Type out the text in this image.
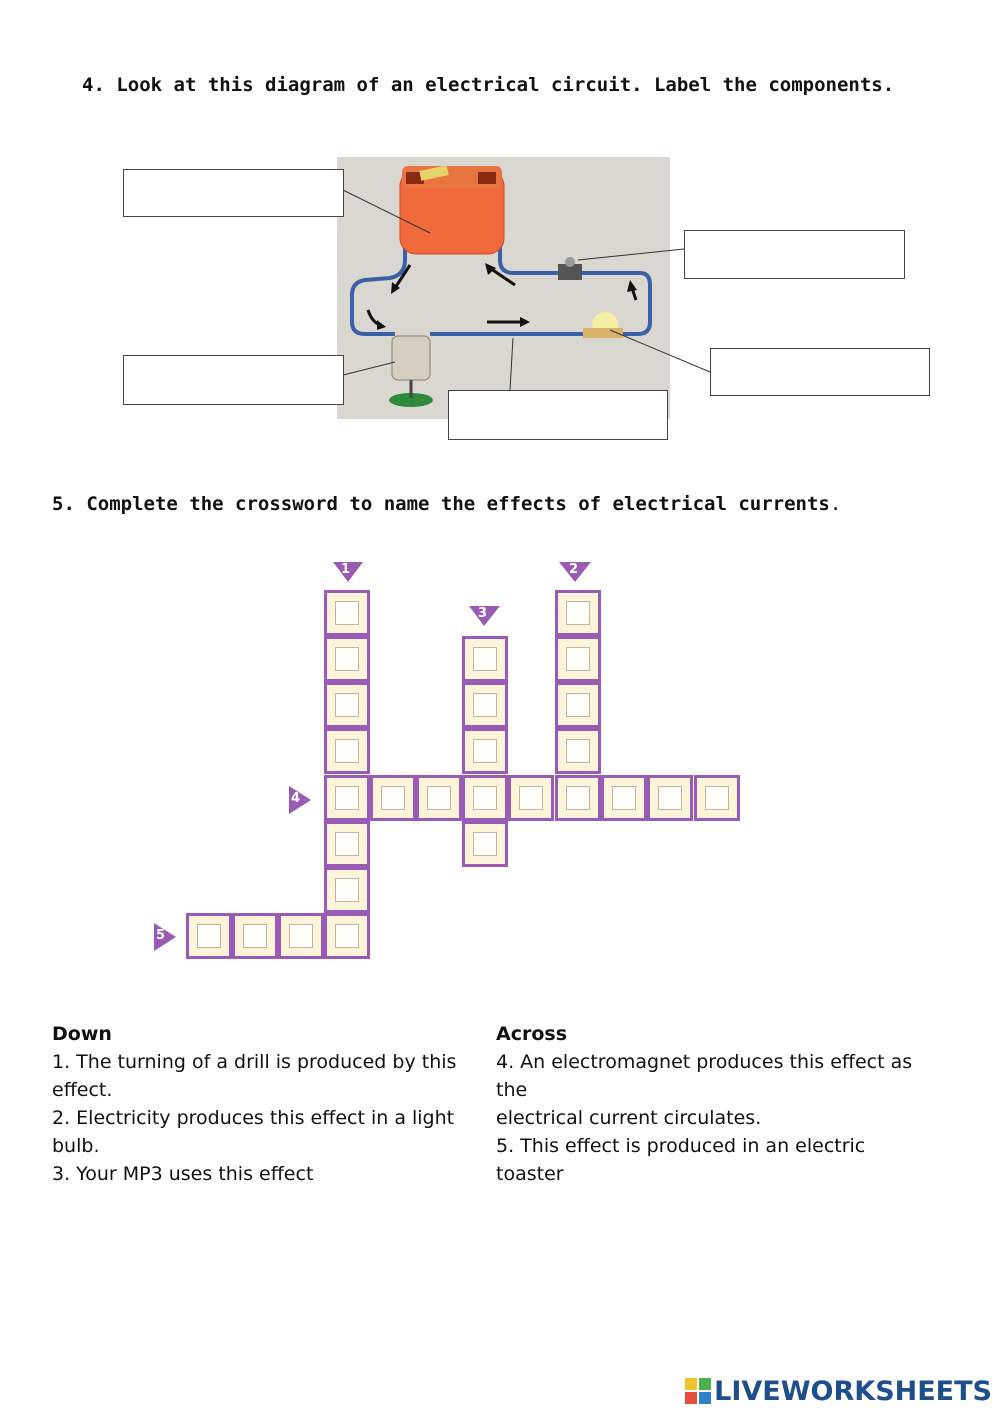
4. Look at this diagram of an electrical circuit. Label the components.
5. Complete the crossword to name the effects of electrical currents.
1	2
3
4
5
Down
1. The turning of a drill is produced by this
effect.
2. Electricity produces this effect in a light
bulb.
3. Your MP3 uses this effect
Across
4. An electromagnet produces this effect as
the
electrical current circulates.
5. This effect is produced in an electric
toaster
LIVEWORKSHEETS
